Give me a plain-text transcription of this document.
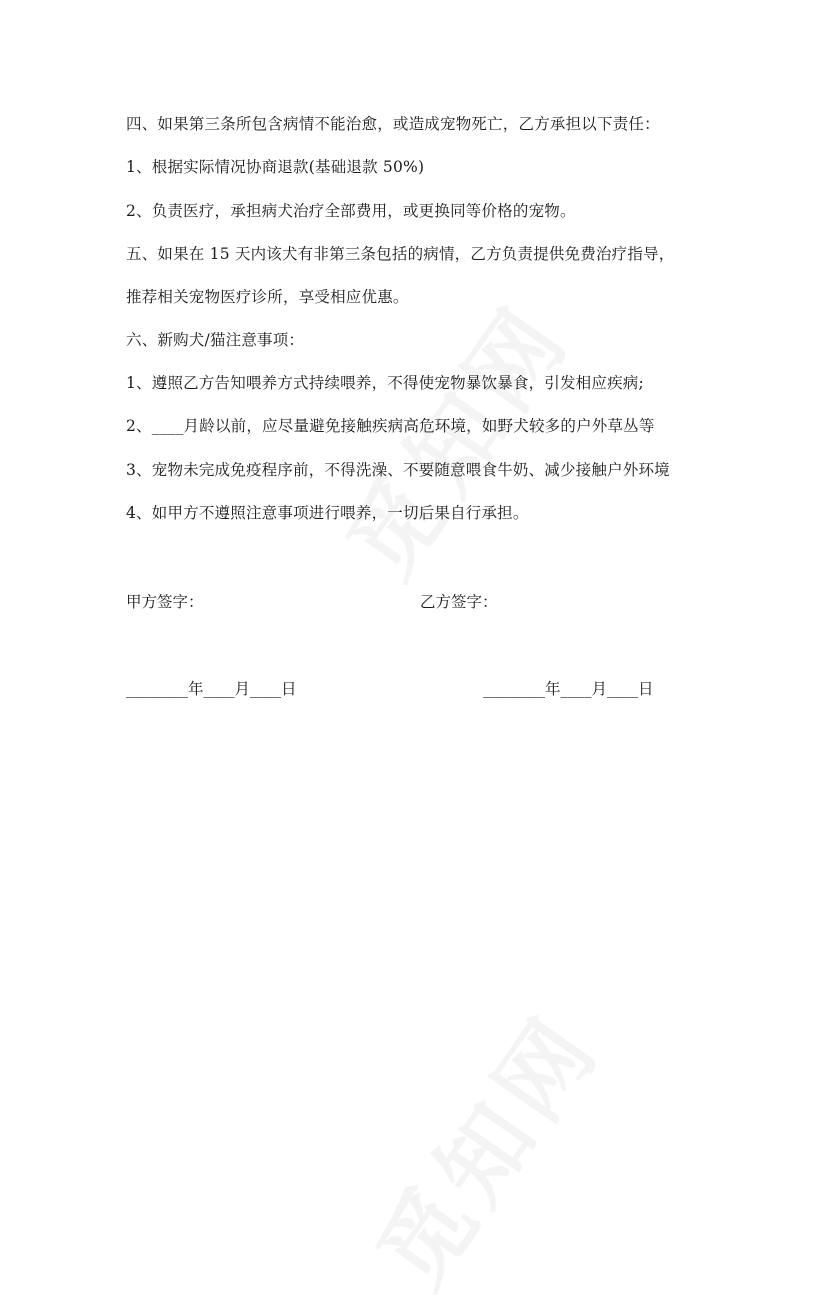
四、如果第三条所包含病情不能治愈，或造成宠物死亡，乙方承担以下责任：
1、根据实际情况协商退款(基础退款 50%)
2、负责医疗，承担病犬治疗全部费用，或更换同等价格的宠物。
五、如果在 15 天内该犬有非第三条包括的病情，乙方负责提供免费治疗指导，
推荐相关宠物医疗诊所，享受相应优惠。
六、新购犬/猫注意事项：
1、遵照乙方告知喂养方式持续喂养，不得使宠物暴饮暴食，引发相应疾病;
2、____月龄以前，应尽量避免接触疾病高危环境，如野犬较多的户外草丛等
3、宠物未完成免疫程序前，不得洗澡、不要随意喂食牛奶、减少接触户外环境
4、如甲方不遵照注意事项进行喂养，一切后果自行承担。
甲方签字：	乙方签字：
________年____月____日	________年____月____日
